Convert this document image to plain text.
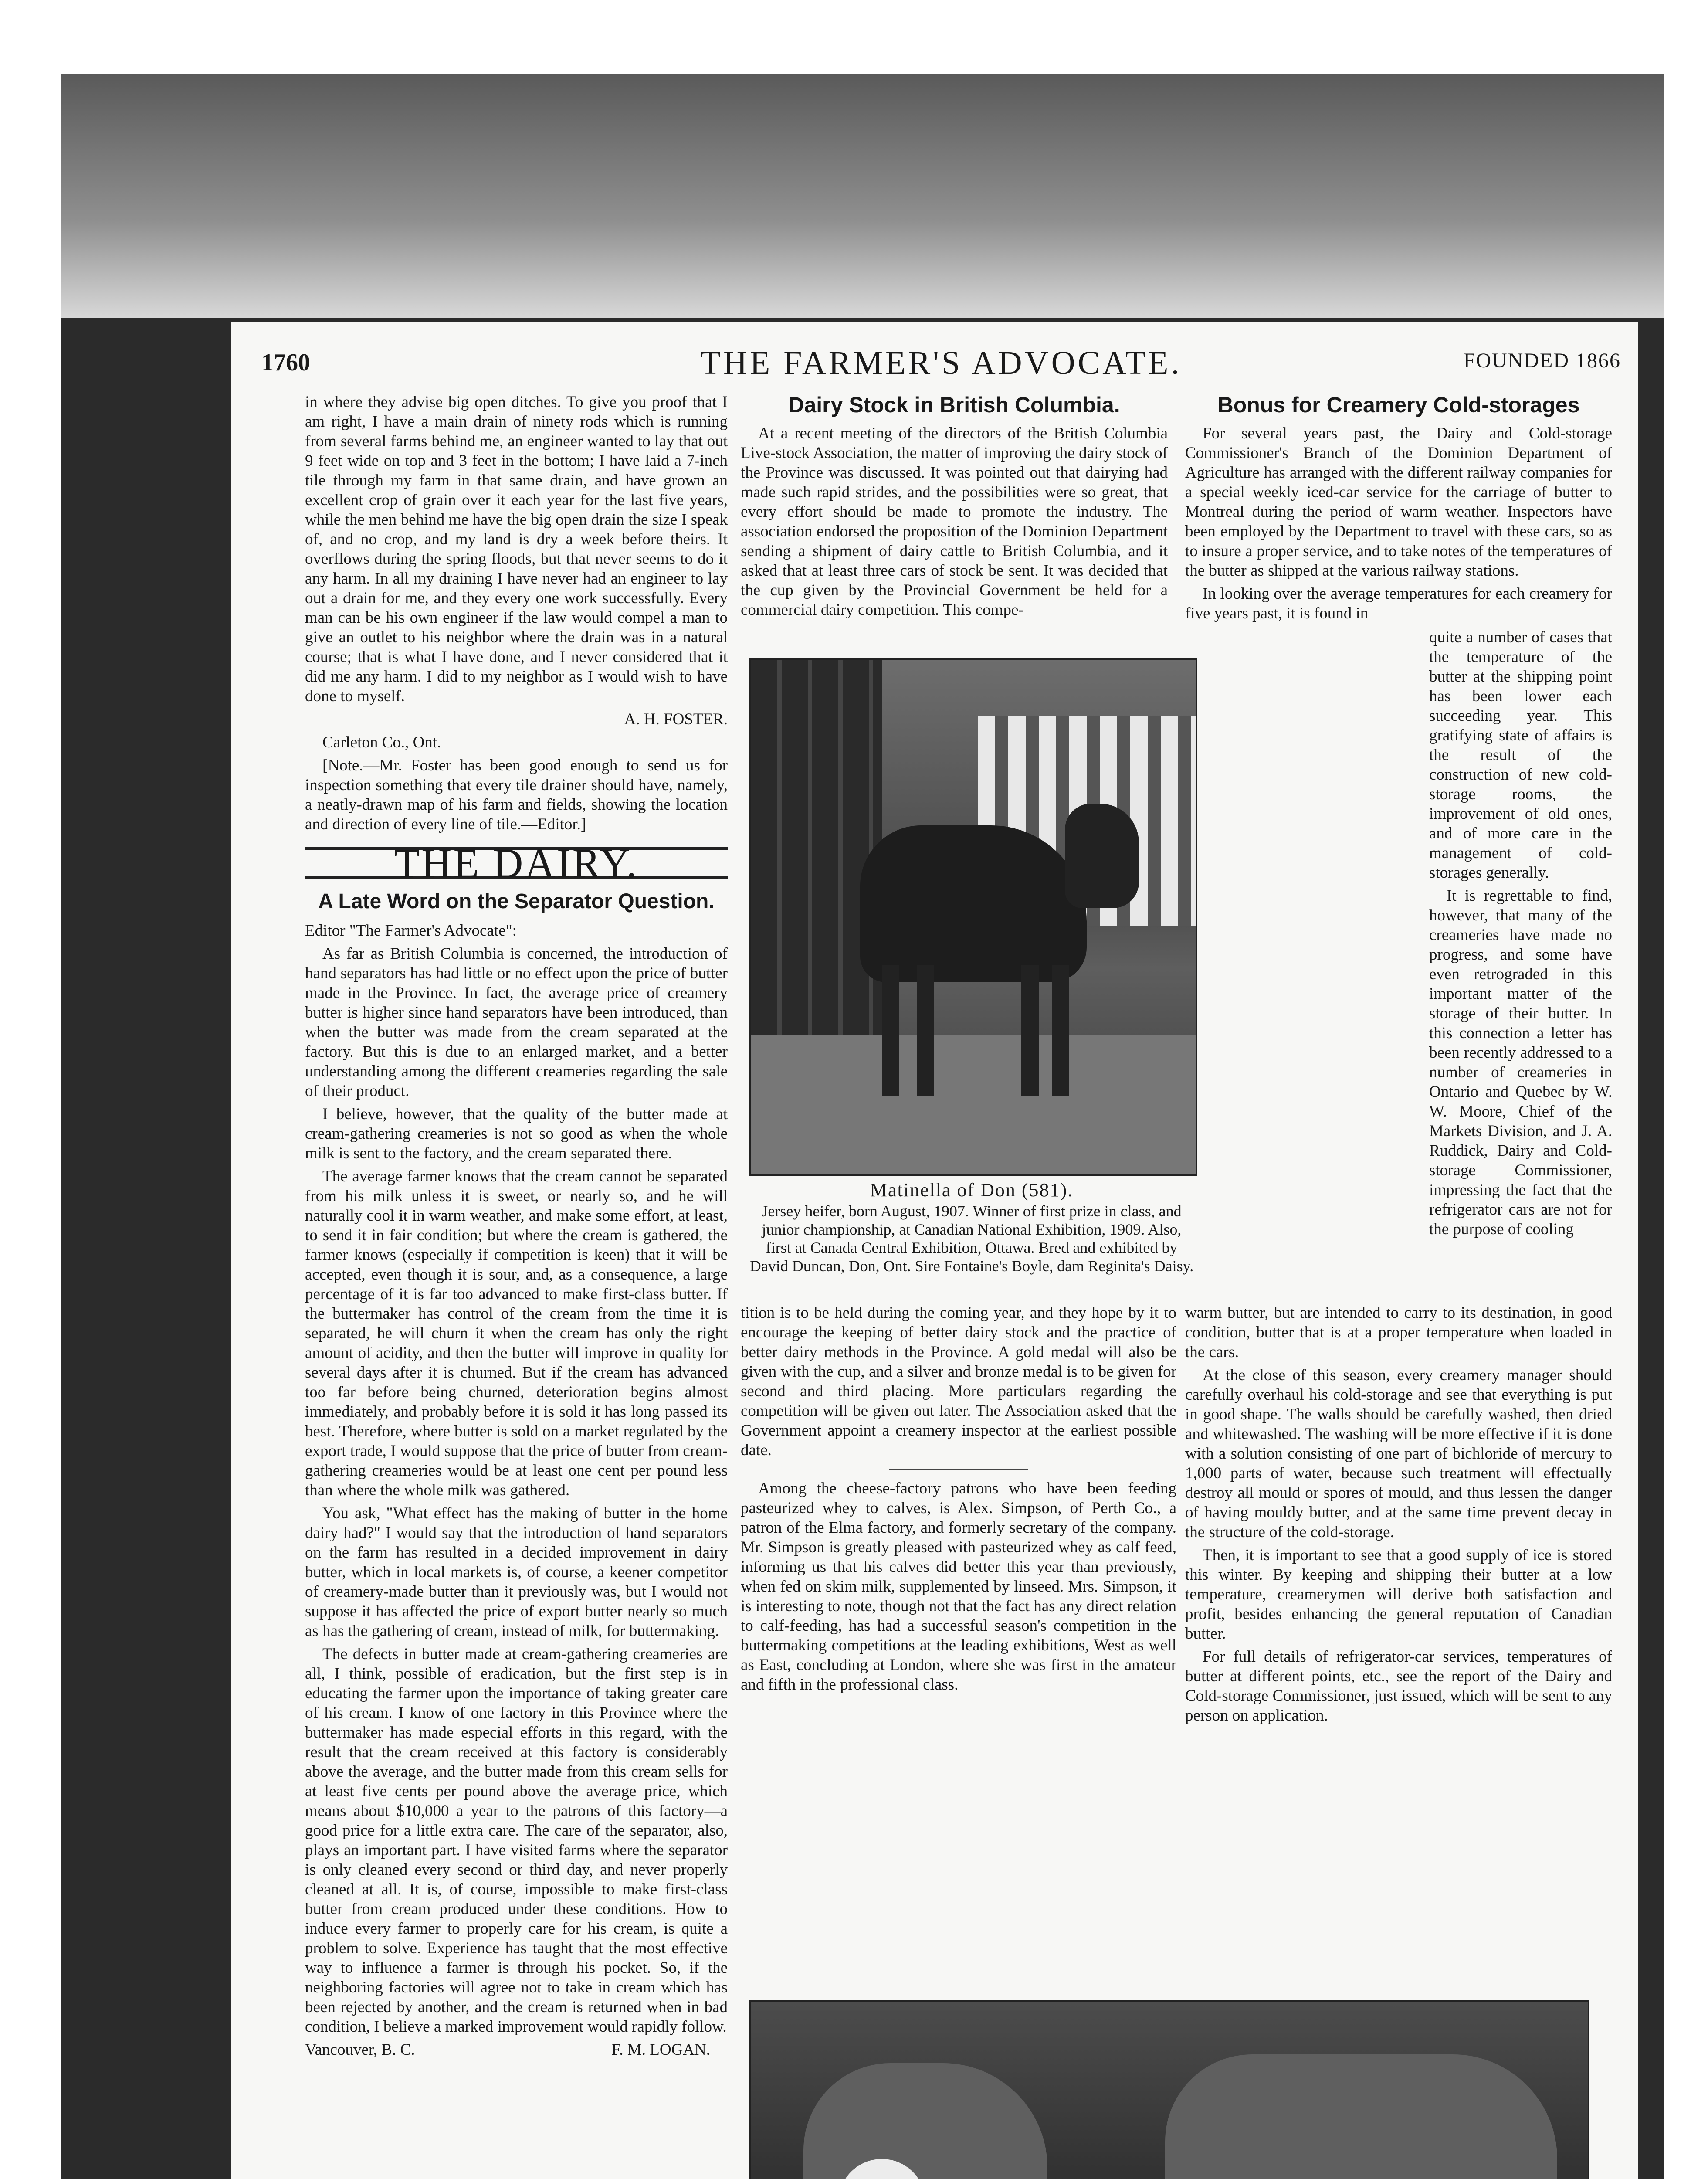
1760	THE FARMER'S ADVOCATE.	FOUNDED 1866

in where they advise big open ditches. To give you proof that I am right, I have a main drain of ninety rods which is running from several farms behind me, an engineer wanted to lay that out 9 feet wide on top and 3 feet in the bottom; I have laid a 7-inch tile through my farm in that same drain, and have grown an excellent crop of grain over it each year for the last five years, while the men behind me have the big open drain the size I speak of, and no crop, and my land is dry a week before theirs. It overflows during the spring floods, but that never seems to do it any harm. In all my draining I have never had an engineer to lay out a drain for me, and they every one work successfully. Every man can be his own engineer if the law would compel a man to give an outlet to his neighbor where the drain was in a natural course; that is what I have done, and I never considered that it did me any harm. I did to my neighbor as I would wish to have done to myself.

A. H. FOSTER.

Carleton Co., Ont.

[Note.—Mr. Foster has been good enough to send us for inspection something that every tile drainer should have, namely, a neatly-drawn map of his farm and fields, showing the location and direction of every line of tile.—Editor.]

THE DAIRY.
A Late Word on the Separator Question.

Editor "The Farmer's Advocate":

As far as British Columbia is concerned, the introduction of hand separators has had little or no effect upon the price of butter made in the Province. In fact, the average price of creamery butter is higher since hand separators have been introduced, than when the butter was made from the cream separated at the factory. But this is due to an enlarged market, and a better understanding among the different creameries regarding the sale of their product.

I believe, however, that the quality of the butter made at cream-gathering creameries is not so good as when the whole milk is sent to the factory, and the cream separated there.

The average farmer knows that the cream cannot be separated from his milk unless it is sweet, or nearly so, and he will naturally cool it in warm weather, and make some effort, at least, to send it in fair condition; but where the cream is gathered, the farmer knows (especially if competition is keen) that it will be accepted, even though it is sour, and, as a consequence, a large percentage of it is far too advanced to make first-class butter. If the buttermaker has control of the cream from the time it is separated, he will churn it when the cream has only the right amount of acidity, and then the butter will improve in quality for several days after it is churned. But if the cream has advanced too far before being churned, deterioration begins almost immediately, and probably before it is sold it has long passed its best. Therefore, where butter is sold on a market regulated by the export trade, I would suppose that the price of butter from cream-gathering creameries would be at least one cent per pound less than where the whole milk was gathered.

You ask, "What effect has the making of butter in the home dairy had?" I would say that the introduction of hand separators on the farm has resulted in a decided improvement in dairy butter, which in local markets is, of course, a keener competitor of creamery-made butter than it previously was, but I would not suppose it has affected the price of export butter nearly so much as has the gathering of cream, instead of milk, for buttermaking.

The defects in butter made at cream-gathering creameries are all, I think, possible of eradication, but the first step is in educating the farmer upon the importance of taking greater care of his cream. I know of one factory in this Province where the buttermaker has made especial efforts in this regard, with the result that the cream received at this factory is considerably above the average, and the butter made from this cream sells for at least five cents per pound above the average price, which means about $10,000 a year to the patrons of this factory—a good price for a little extra care. The care of the separator, also, plays an important part. I have visited farms where the separator is only cleaned every second or third day, and never properly cleaned at all. It is, of course, impossible to make first-class butter from cream produced under these conditions. How to induce every farmer to properly care for his cream, is quite a problem to solve. Experience has taught that the most effective way to influence a farmer is through his pocket. So, if the neighboring factories will agree not to take in cream which has been rejected by another, and the cream is returned when in bad condition, I believe a marked improvement would rapidly follow.

Vancouver, B. C.	F. M. LOGAN.

Dairy Stock in British Columbia.

At a recent meeting of the directors of the British Columbia Live-stock Association, the matter of improving the dairy stock of the Province was discussed. It was pointed out that dairying had made such rapid strides, and the possibilities were so great, that every effort should be made to promote the industry. The association endorsed the proposition of the Dominion Department sending a shipment of dairy cattle to British Columbia, and it asked that at least three cars of stock be sent. It was decided that the cup given by the Provincial Government be held for a commercial dairy competition. This compe-

Matinella of Don (581).
Jersey heifer, born August, 1907. Winner of first prize in class, and junior championship, at Canadian National Exhibition, 1909. Also, first at Canada Central Exhibition, Ottawa. Bred and exhibited by David Duncan, Don, Ont. Sire Fontaine's Boyle, dam Reginita's Daisy.

tition is to be held during the coming year, and they hope by it to encourage the keeping of better dairy stock and the practice of better dairy methods in the Province. A gold medal will also be given with the cup, and a silver and bronze medal is to be given for second and third placing. More particulars regarding the competition will be given out later. The Association asked that the Government appoint a creamery inspector at the earliest possible date.

Among the cheese-factory patrons who have been feeding pasteurized whey to calves, is Alex. Simpson, of Perth Co., a patron of the Elma factory, and formerly secretary of the company. Mr. Simpson is greatly pleased with pasteurized whey as calf feed, informing us that his calves did better this year than previously, when fed on skim milk, supplemented by linseed. Mrs. Simpson, it is interesting to note, though not that the fact has any direct relation to calf-feeding, has had a successful season's competition in the buttermaking competitions at the leading exhibitions, West as well as East, concluding at London, where she was first in the amateur and fifth in the professional class.

Bonus for Creamery Cold-storages

For several years past, the Dairy and Cold-storage Commissioner's Branch of the Dominion Department of Agriculture has arranged with the different railway companies for a special weekly iced-car service for the carriage of butter to Montreal during the period of warm weather. Inspectors have been employed by the Department to travel with these cars, so as to insure a proper service, and to take notes of the temperatures of the butter as shipped at the various railway stations.

In looking over the average temperatures for each creamery for five years past, it is found in

quite a number of cases that the temperature of the butter at the shipping point has been lower each succeeding year. This gratifying state of affairs is the result of the construction of new cold-storage rooms, the improvement of old ones, and of more care in the management of cold-storages generally.

It is regrettable to find, however, that many of the creameries have made no progress, and some have even retrograded in this important matter of the storage of their butter. In this connection a letter has been recently addressed to a number of creameries in Ontario and Quebec by W. W. Moore, Chief of the Markets Division, and J. A. Ruddick, Dairy and Cold-storage Commissioner, impressing the fact that the refrigerator cars are not for the purpose of cooling

warm butter, but are intended to carry to its destination, in good condition, butter that is at a proper temperature when loaded in the cars.

At the close of this season, every creamery manager should carefully overhaul his cold-storage and see that everything is put in good shape. The walls should be carefully washed, then dried and whitewashed. The washing will be more effective if it is done with a solution consisting of one part of bichloride of mercury to 1,000 parts of water, because such treatment will effectually destroy all mould or spores of mould, and thus lessen the danger of having mouldy butter, and at the same time prevent decay in the structure of the cold-storage.

Then, it is important to see that a good supply of ice is stored this winter. By keeping and shipping their butter at a low temperature, creamerymen will derive both satisfaction and profit, besides enhancing the general reputation of Canadian butter.

For full details of refrigerator-car services, temperatures of butter at different points, etc., see the report of the Dairy and Cold-storage Commissioner, just issued, which will be sent to any person on application.
